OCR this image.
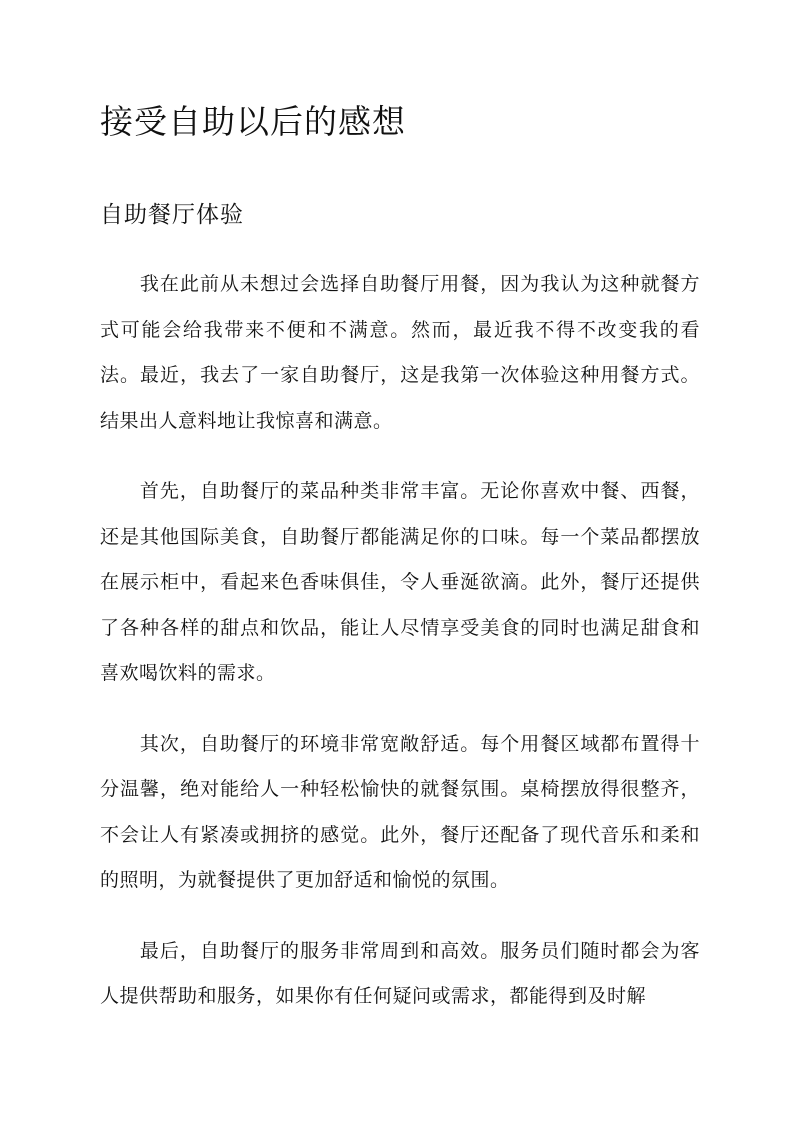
接受自助以后的感想
自助餐厅体验

我在此前从未想过会选择自助餐厅用餐，因为我认为这种就餐方式可能会给我带来不便和不满意。然而，最近我不得不改变我的看法。最近，我去了一家自助餐厅，这是我第一次体验这种用餐方式。结果出人意料地让我惊喜和满意。

首先，自助餐厅的菜品种类非常丰富。无论你喜欢中餐、西餐，还是其他国际美食，自助餐厅都能满足你的口味。每一个菜品都摆放在展示柜中，看起来色香味俱佳，令人垂涎欲滴。此外，餐厅还提供了各种各样的甜点和饮品，能让人尽情享受美食的同时也满足甜食和喜欢喝饮料的需求。

其次，自助餐厅的环境非常宽敞舒适。每个用餐区域都布置得十分温馨，绝对能给人一种轻松愉快的就餐氛围。桌椅摆放得很整齐，不会让人有紧凑或拥挤的感觉。此外，餐厅还配备了现代音乐和柔和的照明，为就餐提供了更加舒适和愉悦的氛围。

最后，自助餐厅的服务非常周到和高效。服务员们随时都会为客人提供帮助和服务，如果你有任何疑问或需求，都能得到及时解
